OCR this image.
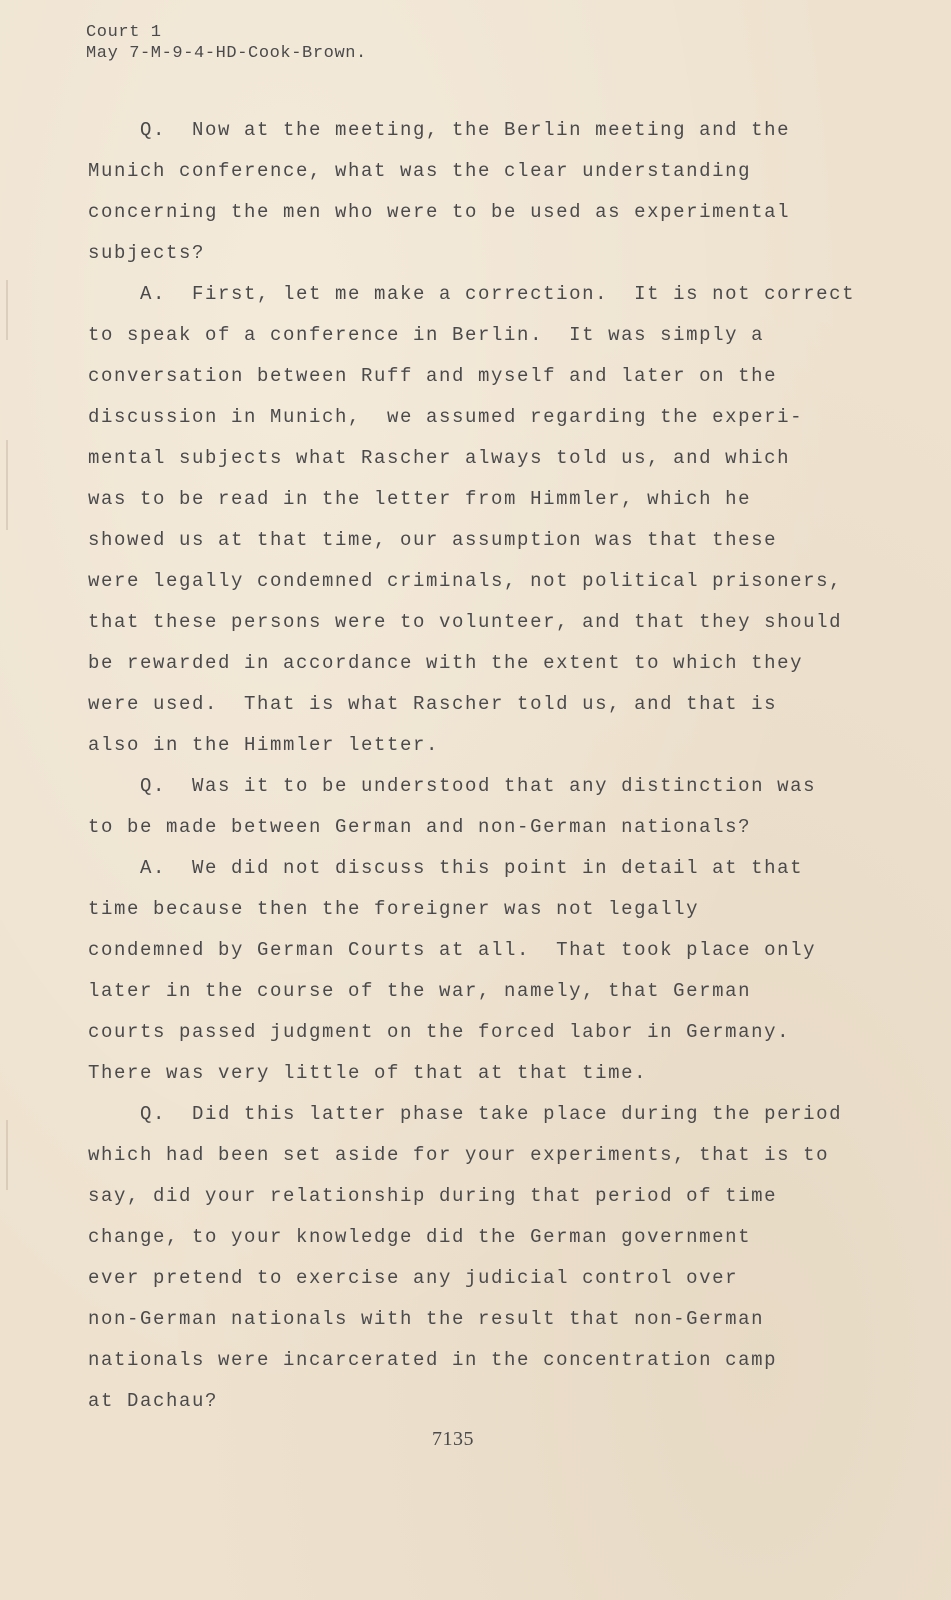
Court 1
May 7-M-9-4-HD-Cook-Brown.
Q.  Now at the meeting, the Berlin meeting and the
Munich conference, what was the clear understanding
concerning the men who were to be used as experimental
subjects?
A.  First, let me make a correction.  It is not correct
to speak of a conference in Berlin.  It was simply a
conversation between Ruff and myself and later on the
discussion in Munich,  we assumed regarding the experi-
mental subjects what Rascher always told us, and which
was to be read in the letter from Himmler, which he
showed us at that time, our assumption was that these
were legally condemned criminals, not political prisoners,
that these persons were to volunteer, and that they should
be rewarded in accordance with the extent to which they
were used.  That is what Rascher told us, and that is
also in the Himmler letter.
Q.  Was it to be understood that any distinction was
to be made between German and non-German nationals?
A.  We did not discuss this point in detail at that
time because then the foreigner was not legally
condemned by German Courts at all.  That took place only
later in the course of the war, namely, that German
courts passed judgment on the forced labor in Germany.
There was very little of that at that time.
Q.  Did this latter phase take place during the period
which had been set aside for your experiments, that is to
say, did your relationship during that period of time
change, to your knowledge did the German government
ever pretend to exercise any judicial control over
non-German nationals with the result that non-German
nationals were incarcerated in the concentration camp
at Dachau?
7135
